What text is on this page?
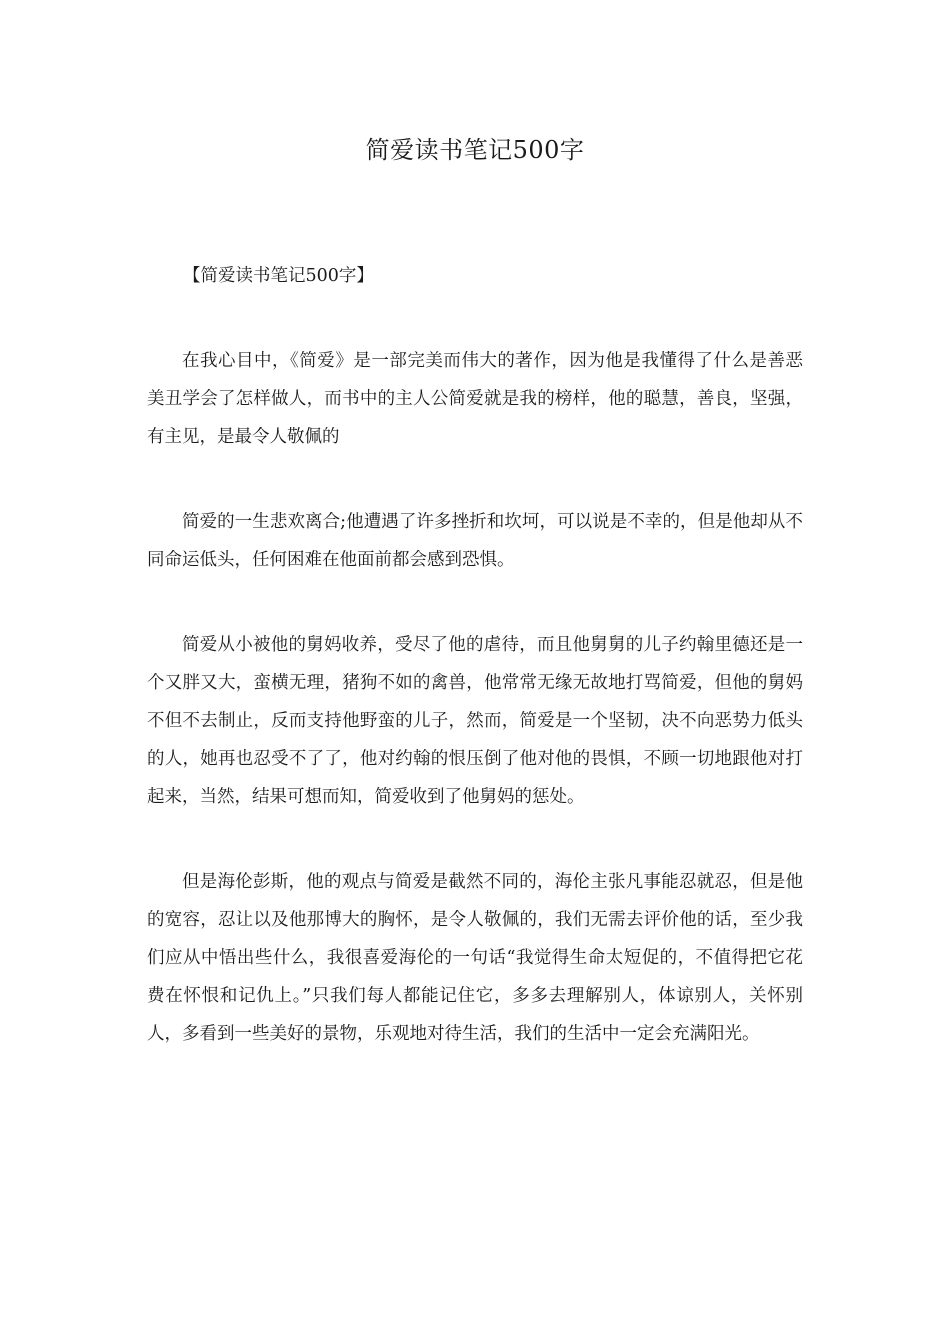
简爱读书笔记500字

【简爱读书笔记500字】

在我心目中，《简爱》是一部完美而伟大的著作，因为他是我懂得了什么是善恶美丑学会了怎样做人，而书中的主人公简爱就是我的榜样，他的聪慧，善良，坚强，有主见，是最令人敬佩的

简爱的一生悲欢离合;他遭遇了许多挫折和坎坷，可以说是不幸的，但是他却从不同命运低头，任何困难在他面前都会感到恐惧。

简爱从小被他的舅妈收养，受尽了他的虐待，而且他舅舅的儿子约翰里德还是一个又胖又大，蛮横无理，猪狗不如的禽兽，他常常无缘无故地打骂简爱，但他的舅妈不但不去制止，反而支持他野蛮的儿子，然而，简爱是一个坚韧，决不向恶势力低头的人，她再也忍受不了了，他对约翰的恨压倒了他对他的畏惧，不顾一切地跟他对打起来，当然，结果可想而知，简爱收到了他舅妈的惩处。

但是海伦彭斯，他的观点与简爱是截然不同的，海伦主张凡事能忍就忍，但是他的宽容，忍让以及他那博大的胸怀，是令人敬佩的，我们无需去评价他的话，至少我们应从中悟出些什么，我很喜爱海伦的一句话“我觉得生命太短促的，不值得把它花费在怀恨和记仇上。”只我们每人都能记住它，多多去理解别人，体谅别人，关怀别人，多看到一些美好的景物，乐观地对待生活，我们的生活中一定会充满阳光。
